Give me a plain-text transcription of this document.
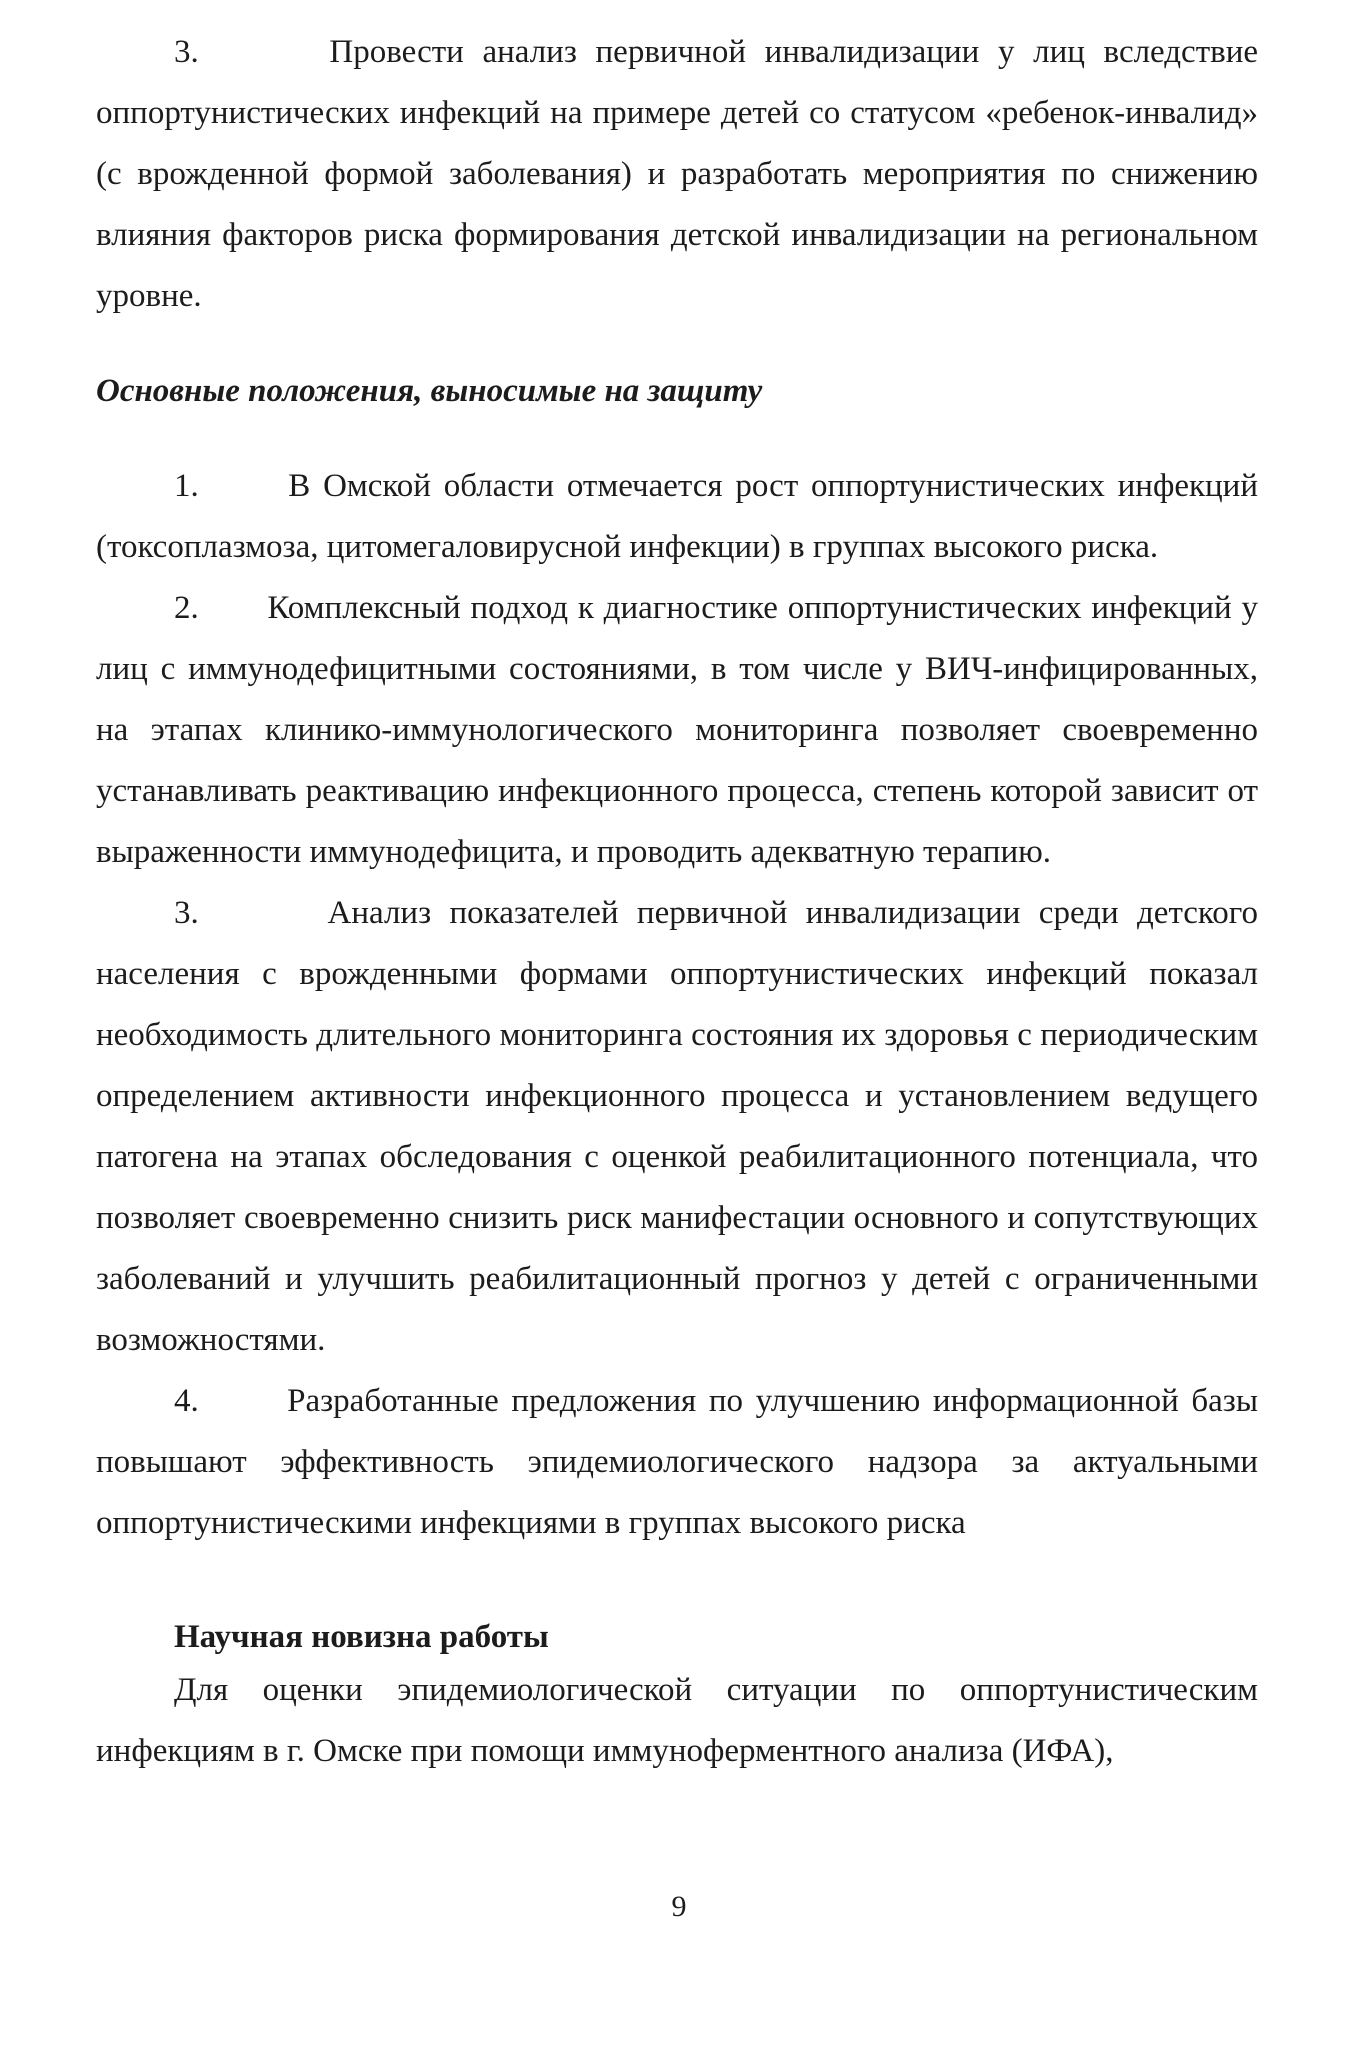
3.	Провести анализ первичной инвалидизации у лиц вследствие оппортунистических инфекций на примере детей со статусом «ребенок-инвалид» (с врожденной формой заболевания) и разработать мероприятия по снижению влияния факторов риска формирования детской инвалидизации на региональном уровне.

Основные положения, выносимые на защиту

1.	В Омской области отмечается рост оппортунистических инфекций (токсоплазмоза, цитомегаловирусной инфекции) в группах высокого риска.

2. Комплексный подход к диагностике оппортунистических инфекций у лиц с иммунодефицитными состояниями, в том числе у ВИЧ-инфицированных, на этапах клинико-иммунологического мониторинга позволяет своевременно устанавливать реактивацию инфекционного процесса, степень которой зависит от выраженности иммунодефицита, и проводить адекватную терапию.

3.	Анализ показателей первичной инвалидизации среди детского населения с врожденными формами оппортунистических инфекций показал необходимость длительного мониторинга состояния их здоровья с периодическим определением активности инфекционного процесса и установлением ведущего патогена на этапах обследования с оценкой реабилитационного потенциала, что позволяет своевременно снизить риск манифестации основного и сопутствующих заболеваний и улучшить реабилитационный прогноз у детей с ограниченными возможностями.

4.	Разработанные предложения по улучшению информационной базы повышают эффективность эпидемиологического надзора за актуальными оппортунистическими инфекциями в группах высокого риска

Научная новизна работы

Для оценки эпидемиологической ситуации по оппортунистическим инфекциям в г. Омске при помощи иммуноферментного анализа (ИФА),

9
